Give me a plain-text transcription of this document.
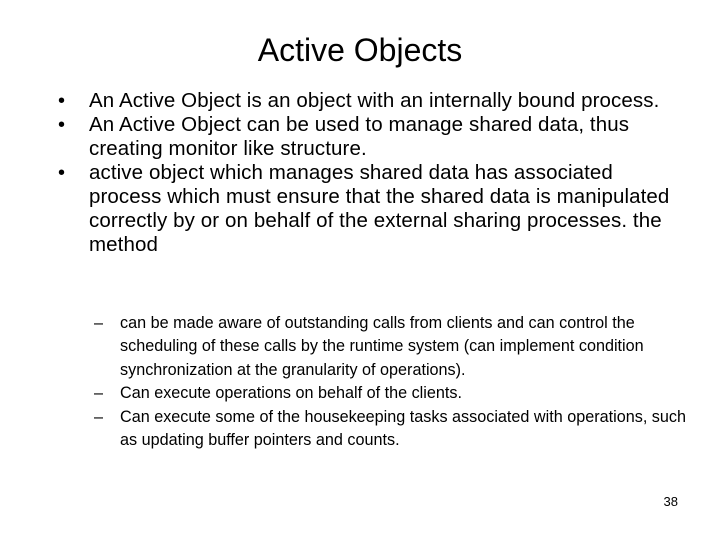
Active Objects
• An Active Object is an object with an internally bound process.
• An Active Object can be used to manage shared data, thus creating monitor like structure.
• active object which manages shared data has associated process which must ensure that the shared data is manipulated correctly by or on behalf of the external sharing processes. the method
– can be made aware of outstanding calls from clients and can control the scheduling of these calls by the runtime system (can implement condition synchronization at the granularity of operations).
– Can execute operations on behalf of the clients.
– Can execute some of the housekeeping tasks associated with operations, such as updating buffer pointers and counts.
38
